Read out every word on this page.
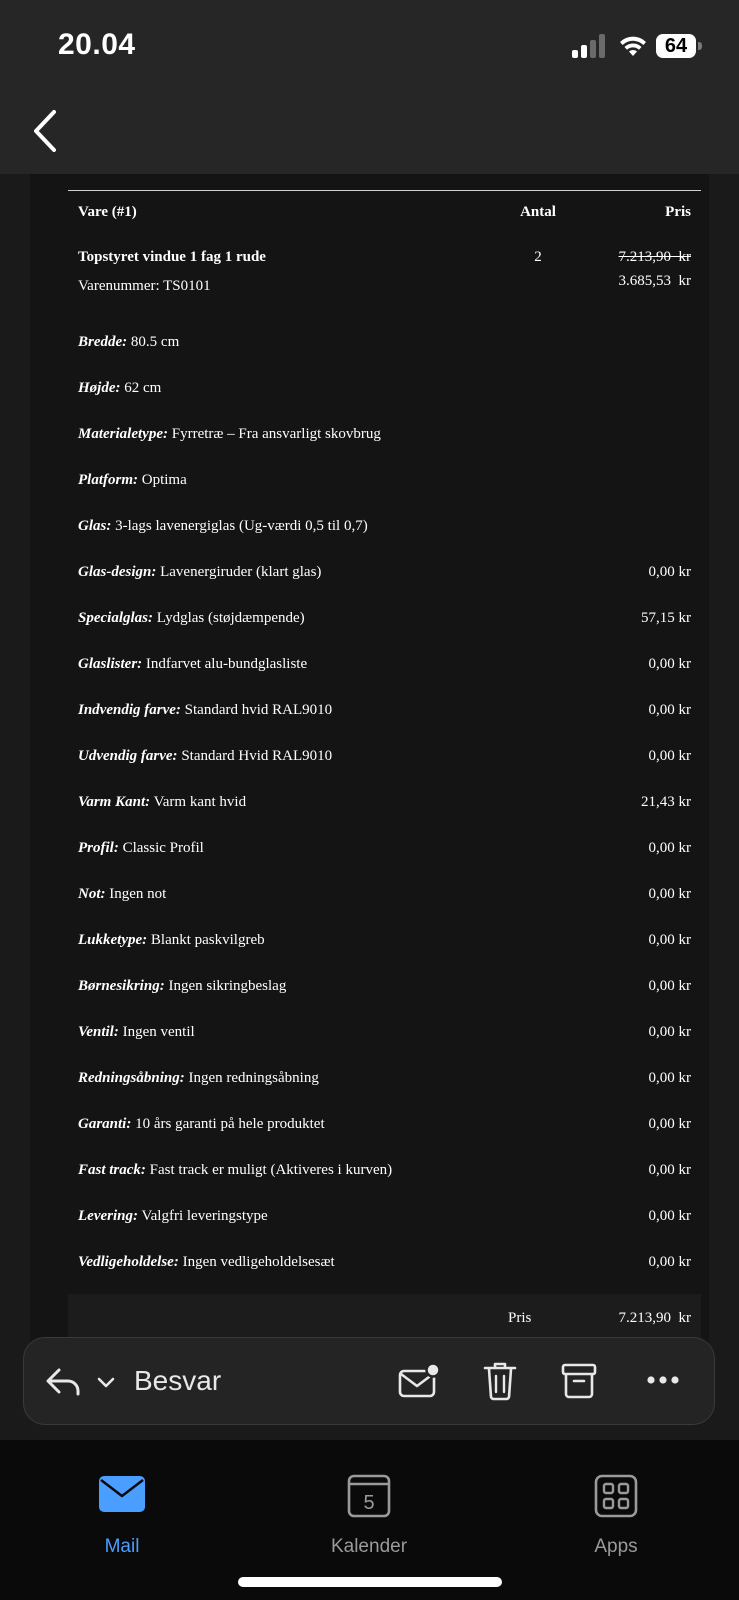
20.04	64
Vare (#1)	Antal	Pris
Topstyret vindue 1 fag 1 rude
Varenummer: TS0101
2	7.213,90  kr
3.685,53  kr
Bredde: 80.5 cm
Højde: 62 cm
Materialetype: Fyrretræ – Fra ansvarligt skovbrug
Platform: Optima
Glas: 3-lags lavenergiglas (Ug-værdi 0,5 til 0,7)
Glas-design: Lavenergiruder (klart glas)	0,00 kr
Specialglas: Lydglas (støjdæmpende)	57,15 kr
Glaslister: Indfarvet alu-bundglasliste	0,00 kr
Indvendig farve: Standard hvid RAL9010	0,00 kr
Udvendig farve: Standard Hvid RAL9010	0,00 kr
Varm Kant: Varm kant hvid	21,43 kr
Profil: Classic Profil	0,00 kr
Not: Ingen not	0,00 kr
Lukketype: Blankt paskvilgreb	0,00 kr
Børnesikring: Ingen sikringbeslag	0,00 kr
Ventil: Ingen ventil	0,00 kr
Redningsåbning: Ingen redningsåbning	0,00 kr
Garanti: 10 års garanti på hele produktet	0,00 kr
Fast track: Fast track er muligt (Aktiveres i kurven)	0,00 kr
Levering: Valgfri leveringstype	0,00 kr
Vedligeholdelse: Ingen vedligeholdelsesæt	0,00 kr
Pris	7.213,90  kr
Besvar
Mail
5
Kalender	Apps
